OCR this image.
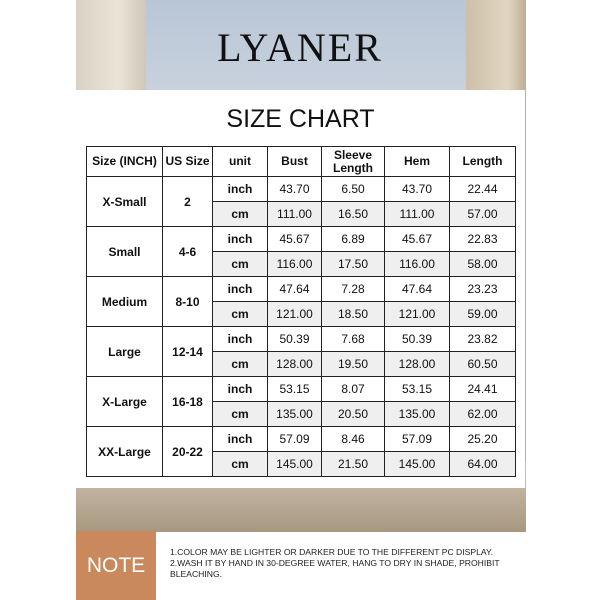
LYANER
SIZE CHART
Size (INCH)	US Size	unit	Bust	Sleeve Length	Hem	Length
X-Small	2	inch	43.70	6.50	43.70	22.44
		cm	111.00	16.50	111.00	57.00
Small	4-6	inch	45.67	6.89	45.67	22.83
		cm	116.00	17.50	116.00	58.00
Medium	8-10	inch	47.64	7.28	47.64	23.23
		cm	121.00	18.50	121.00	59.00
Large	12-14	inch	50.39	7.68	50.39	23.82
		cm	128.00	19.50	128.00	60.50
X-Large	16-18	inch	53.15	8.07	53.15	24.41
		cm	135.00	20.50	135.00	62.00
XX-Large	20-22	inch	57.09	8.46	57.09	25.20
		cm	145.00	21.50	145.00	64.00
NOTE
1.COLOR MAY BE LIGHTER OR DARKER DUE TO THE DIFFERENT PC DISPLAY.
2.WASH IT BY HAND IN 30-DEGREE WATER, HANG TO DRY IN SHADE, PROHIBIT BLEACHING.
